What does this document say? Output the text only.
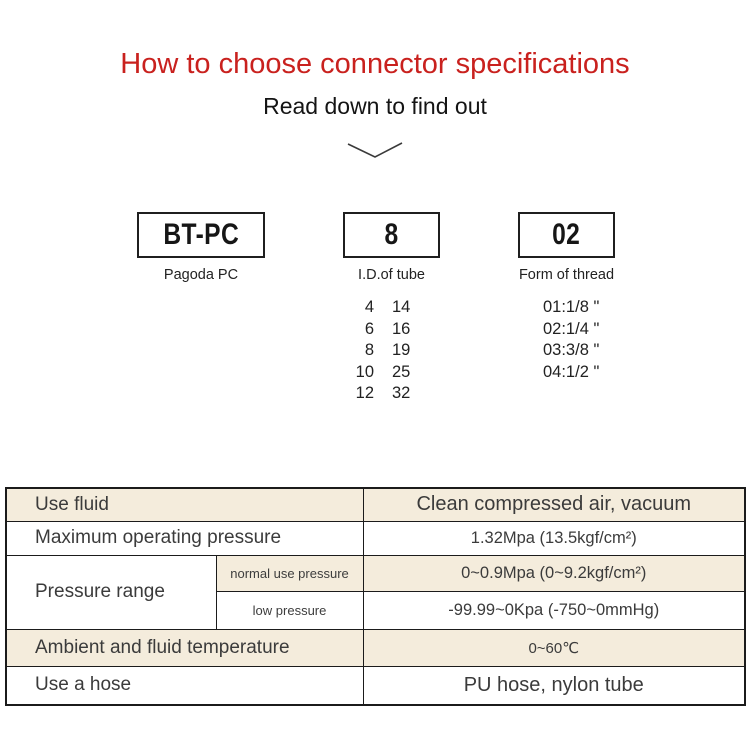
How to choose connector specifications
Read down to find out
BT-PC	8	02
Pagoda PC	I.D.of tube	Form of thread
4 14
6 16
8 19
10 25
12 32
01:1/8 "
02:1/4 "
03:3/8 "
04:1/2 "
Use fluid		Clean compressed air, vacuum
Maximum operating pressure		1.32Mpa (13.5kgf/cm²)
Pressure range	normal use pressure	0~0.9Mpa (0~9.2kgf/cm²)
	low pressure	-99.99~0Kpa (-750~0mmHg)
Ambient and fluid temperature		0~60℃
Use a hose		PU hose, nylon tube
